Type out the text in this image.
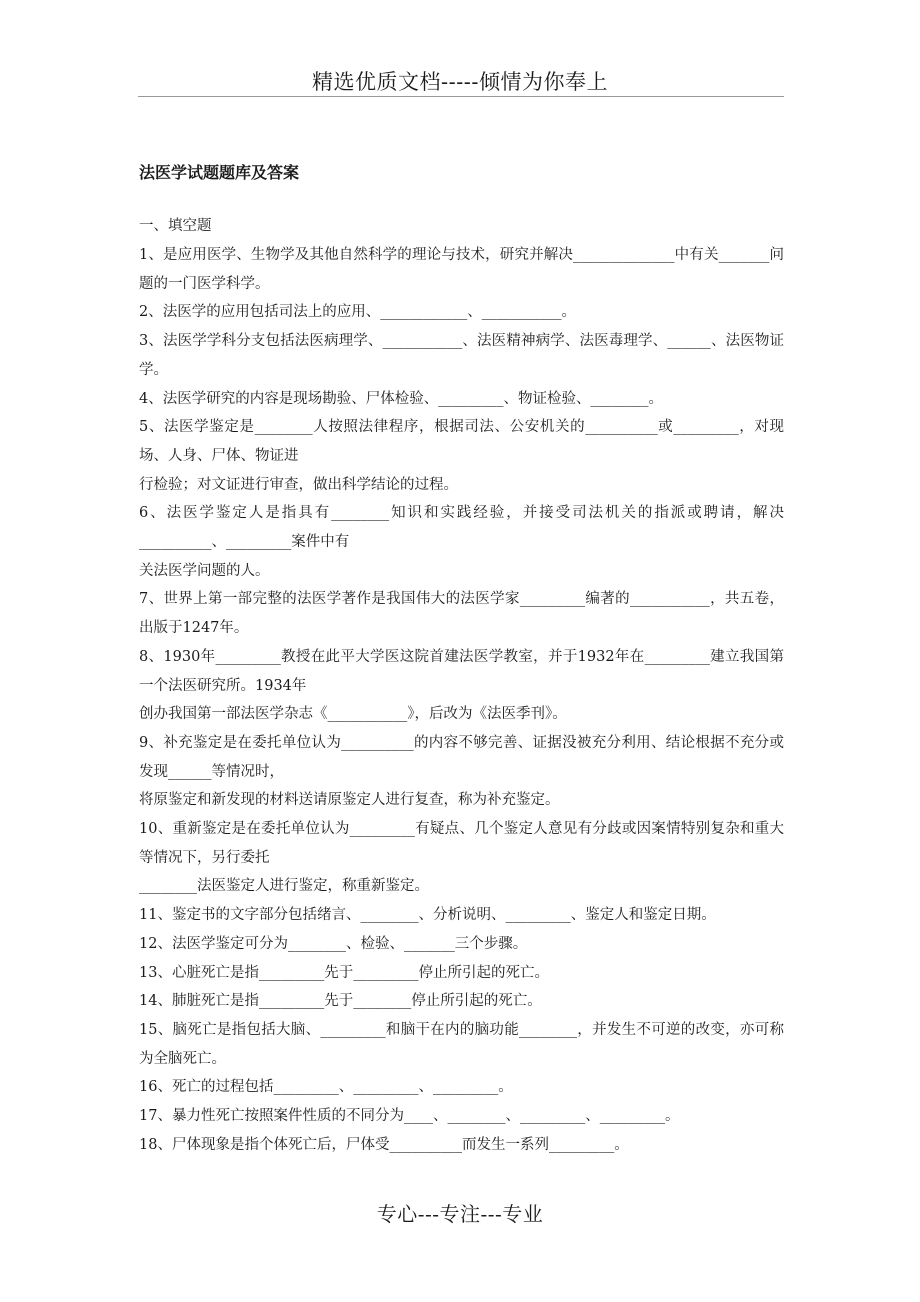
精选优质文档-----倾情为你奉上
法医学试题题库及答案
一、填空题

1、是应用医学、生物学及其他自然科学的理论与技术，研究并解决______________中有关_______问题的一门医学科学。

2、法医学的应用包括司法上的应用、____________、___________。

3、法医学学科分支包括法医病理学、___________、法医精神病学、法医毒理学、______、法医物证学。

4、法医学研究的内容是现场勘验、尸体检验、_________、物证检验、________。

5、法医学鉴定是________人按照法律程序，根据司法、公安机关的__________或_________，对现场、人身、尸体、物证进

行检验；对文证进行审查，做出科学结论的过程。

6、法医学鉴定人是指具有________知识和实践经验，并接受司法机关的指派或聘请，解决__________、_________案件中有

关法医学问题的人。

7、世界上第一部完整的法医学著作是我国伟大的法医学家_________编著的___________，共五卷，出版于1247年。

8、1930年_________教授在此平大学医这院首建法医学教室，并于1932年在_________建立我国第一个法医研究所。1934年

创办我国第一部法医学杂志《___________》，后改为《法医季刊》。

9、补充鉴定是在委托单位认为__________的内容不够完善、证据没被充分利用、结论根据不充分或发现______等情况时，

将原鉴定和新发现的材料送请原鉴定人进行复查，称为补充鉴定。

10、重新鉴定是在委托单位认为_________有疑点、几个鉴定人意见有分歧或因案情特别复杂和重大等情况下，另行委托

________法医鉴定人进行鉴定，称重新鉴定。

11、鉴定书的文字部分包括绪言、________、分析说明、_________、鉴定人和鉴定日期。

12、法医学鉴定可分为________、检验、_______三个步骤。

13、心脏死亡是指_________先于_________停止所引起的死亡。

14、肺脏死亡是指_________先于________停止所引起的死亡。

15、脑死亡是指包括大脑、_________和脑干在内的脑功能________，并发生不可逆的改变，亦可称为全脑死亡。

16、死亡的过程包括_________、_________、_________。

17、暴力性死亡按照案件性质的不同分为____、________、_________、_________。

18、尸体现象是指个体死亡后，尸体受__________而发生一系列_________。

专心---专注---专业
